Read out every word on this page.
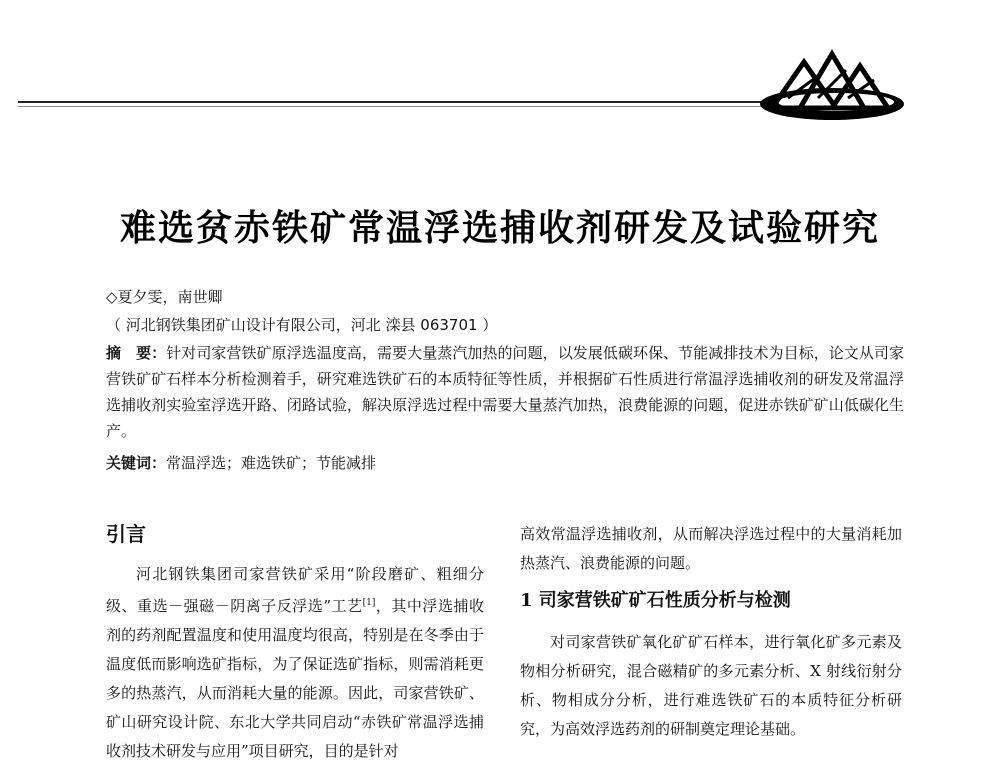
难选贫赤铁矿常温浮选捕收剂研发及试验研究
◇夏夕雯，南世卿
（ 河北钢铁集团矿山设计有限公司，河北 滦县 063701 ）
摘　要：针对司家营铁矿原浮选温度高，需要大量蒸汽加热的问题，以发展低碳环保、节能减排技术为目标，论文从司家营铁矿矿石样本分析检测着手，研究难选铁矿石的本质特征等性质，并根据矿石性质进行常温浮选捕收剂的研发及常温浮选捕收剂实验室浮选开路、闭路试验，解决原浮选过程中需要大量蒸汽加热，浪费能源的问题，促进赤铁矿矿山低碳化生产。
关键词：常温浮选；难选铁矿；节能减排
引言

河北钢铁集团司家营铁矿采用“阶段磨矿、粗细分级、重选－强磁－阴离子反浮选”工艺[1]，其中浮选捕收剂的药剂配置温度和使用温度均很高，特别是在冬季由于温度低而影响选矿指标，为了保证选矿指标，则需消耗更多的热蒸汽，从而消耗大量的能源。因此，司家营铁矿、矿山研究设计院、东北大学共同启动“赤铁矿常温浮选捕收剂技术研发与应用”项目研究，目的是针对

高效常温浮选捕收剂，从而解决浮选过程中的大量消耗加热蒸汽、浪费能源的问题。

1 司家营铁矿矿石性质分析与检测

对司家营铁矿氧化矿矿石样本，进行氧化矿多元素及物相分析研究，混合磁精矿的多元素分析、X 射线衍射分析、物相成分分析，进行难选铁矿石的本质特征分析研究，为高效浮选药剂的研制奠定理论基础。
